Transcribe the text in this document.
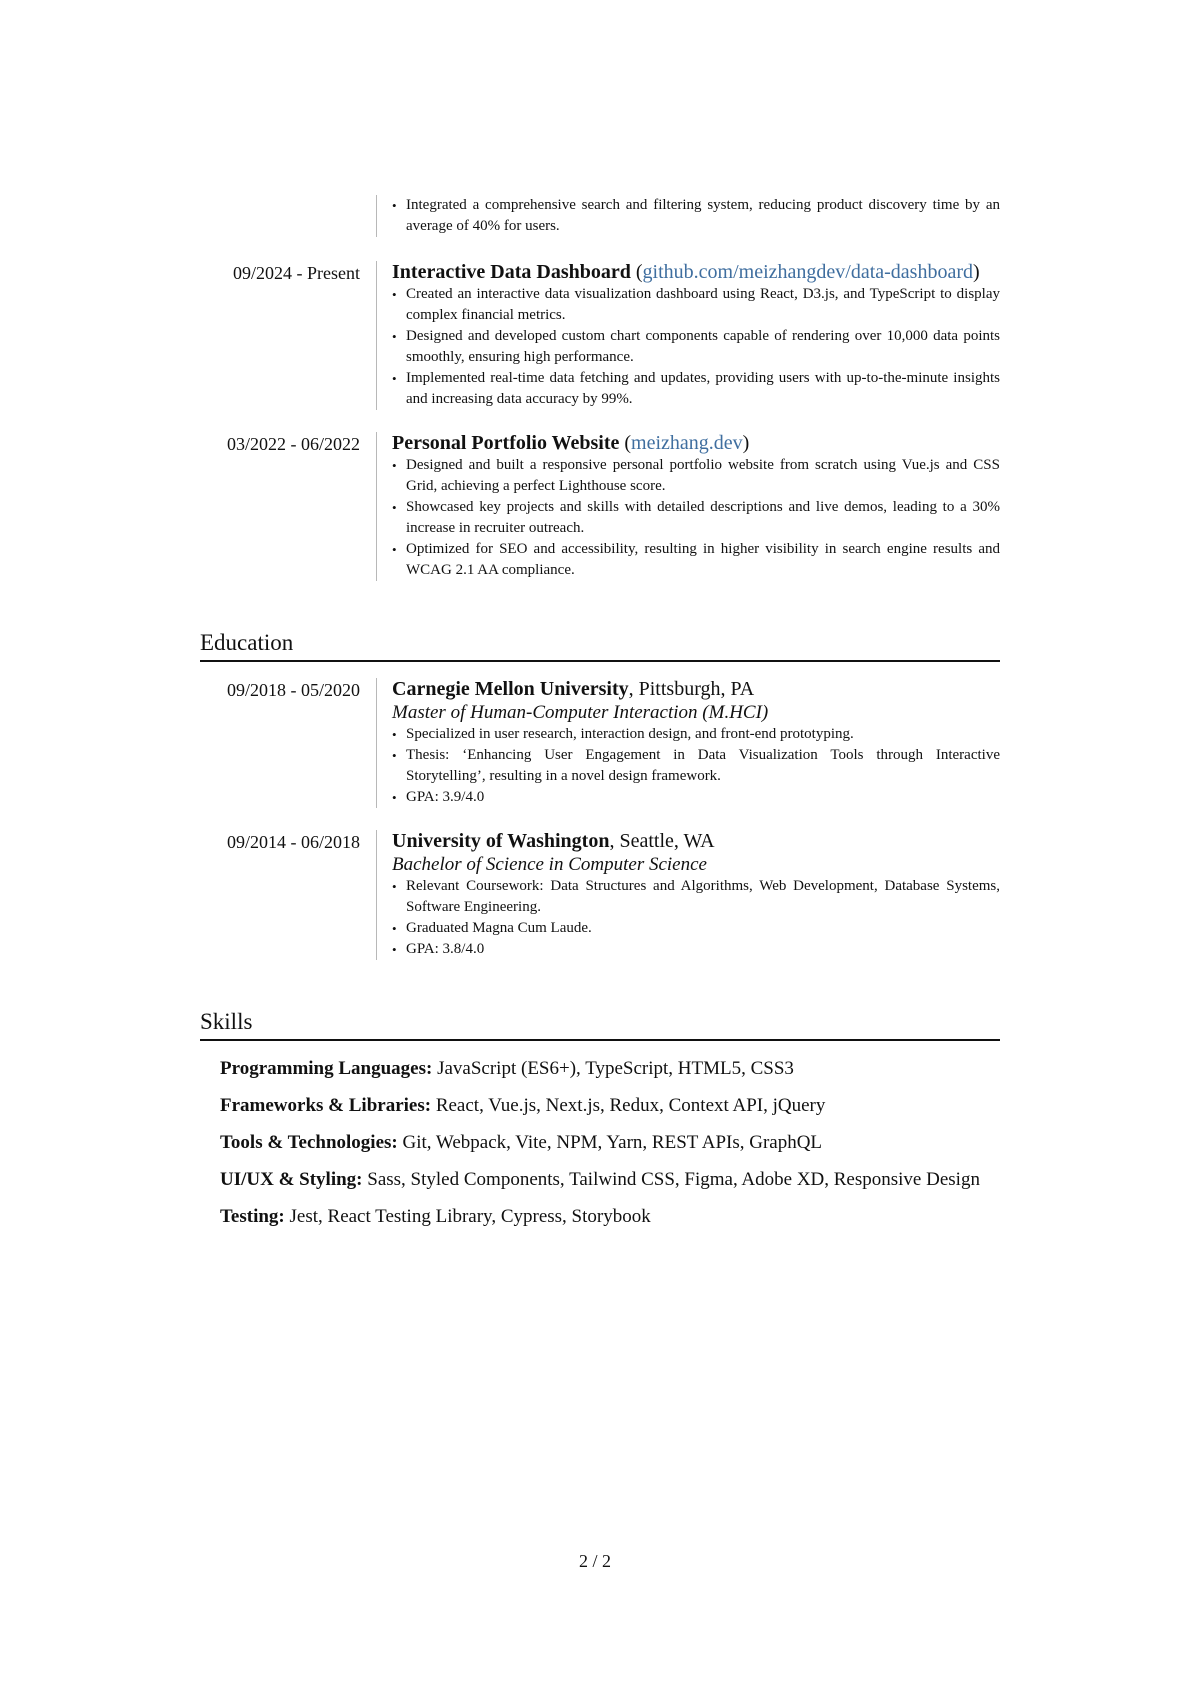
• Integrated a comprehensive search and filtering system, reducing product discovery time by an average of 40% for users.
09/2024 - Present	Interactive Data Dashboard (github.com/meizhangdev/data-dashboard)
• Created an interactive data visualization dashboard using React, D3.js, and TypeScript to display complex financial metrics.
• Designed and developed custom chart components capable of rendering over 10,000 data points smoothly, ensuring high performance.
• Implemented real-time data fetching and updates, providing users with up-to-the-minute insights and increasing data accuracy by 99%.
03/2022 - 06/2022	Personal Portfolio Website (meizhang.dev)
• Designed and built a responsive personal portfolio website from scratch using Vue.js and CSS Grid, achieving a perfect Lighthouse score.
• Showcased key projects and skills with detailed descriptions and live demos, leading to a 30% increase in recruiter outreach.
• Optimized for SEO and accessibility, resulting in higher visibility in search engine results and WCAG 2.1 AA compliance.
Education
09/2018 - 05/2020	Carnegie Mellon University, Pittsburgh, PA
Master of Human-Computer Interaction (M.HCI)
• Specialized in user research, interaction design, and front-end prototyping.
• Thesis: ‘Enhancing User Engagement in Data Visualization Tools through Interactive Storytelling’, resulting in a novel design framework.
• GPA: 3.9/4.0
09/2014 - 06/2018	University of Washington, Seattle, WA
Bachelor of Science in Computer Science
• Relevant Coursework: Data Structures and Algorithms, Web Development, Database Systems, Software Engineering.
• Graduated Magna Cum Laude.
• GPA: 3.8/4.0
Skills
Programming Languages: JavaScript (ES6+), TypeScript, HTML5, CSS3
Frameworks & Libraries: React, Vue.js, Next.js, Redux, Context API, jQuery
Tools & Technologies: Git, Webpack, Vite, NPM, Yarn, REST APIs, GraphQL
UI/UX & Styling: Sass, Styled Components, Tailwind CSS, Figma, Adobe XD, Responsive Design
Testing: Jest, React Testing Library, Cypress, Storybook
2 / 2
